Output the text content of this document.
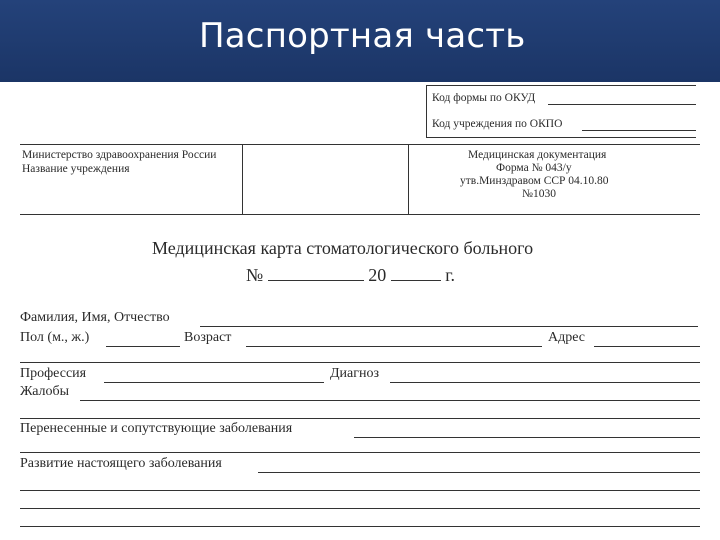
Паспортная часть
Код формы по ОКУД
Код учреждения по ОКПО
Министерство здравоохранения России
Название учреждения
Медицинская документация
Форма № 043/у
утв.Минздравом ССР 04.10.80
№1030
Медицинская карта стоматологического больного
№	20	г.
Фамилия, Имя, Отчество
Пол (м., ж.)	Возраст	Адрес
Профессия	Диагноз
Жалобы
Перенесенные и сопутствующие заболевания
Развитие настоящего заболевания
